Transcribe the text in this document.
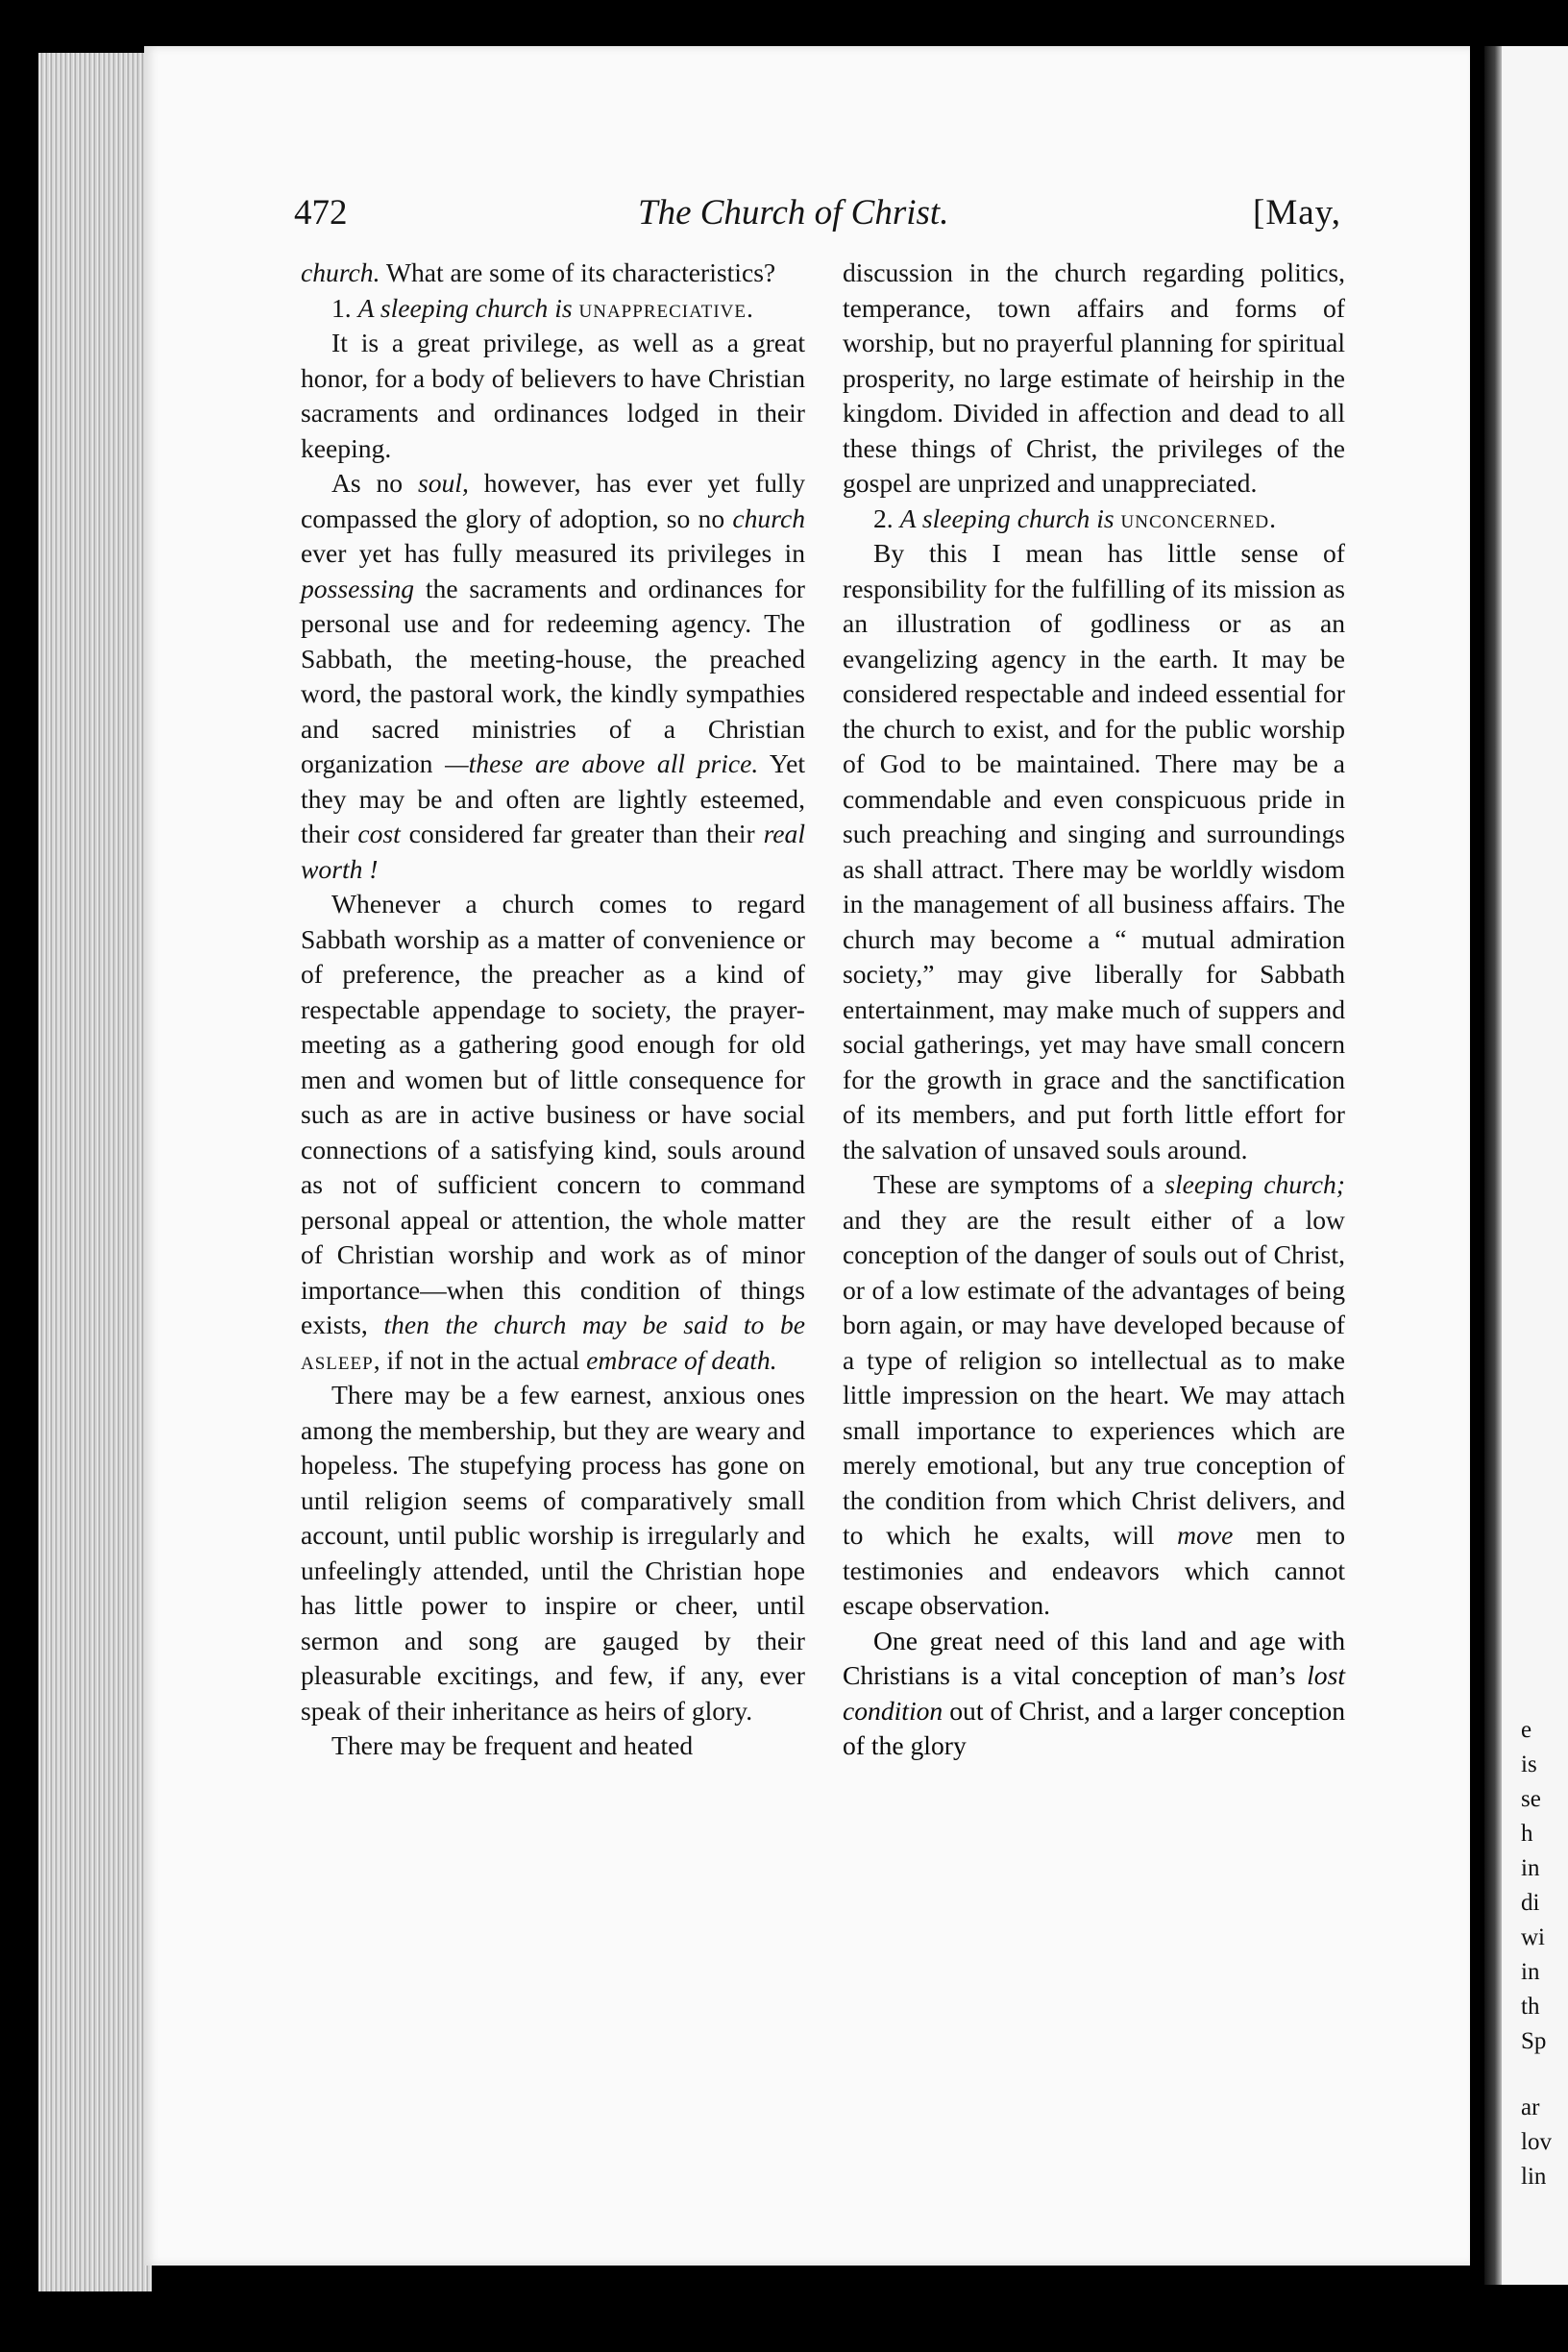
e
is
se
h
in
di
wi
in
th
Sp
ar
lov
lin
472	The Church of Christ.	[May,

church. What are some of its characteristics?

1. A sleeping church is unappreciative.

It is a great privilege, as well as a great honor, for a body of believers to have Christian sacraments and ordinances lodged in their keeping.

As no soul, however, has ever yet fully compassed the glory of adoption, so no church ever yet has fully measured its privileges in possessing the sacraments and ordinances for personal use and for redeeming agency. The Sabbath, the meeting-house, the preached word, the pastoral work, the kindly sympathies and sacred ministries of a Christian organization —these are above all price. Yet they may be and often are lightly esteemed, their cost considered far greater than their real worth !

Whenever a church comes to regard Sabbath worship as a matter of convenience or of preference, the preacher as a kind of respectable appendage to society, the prayer-meeting as a gathering good enough for old men and women but of little consequence for such as are in active business or have social connections of a satisfying kind, souls around as not of sufficient concern to command personal appeal or attention, the whole matter of Christian worship and work as of minor importance—when this condition of things exists, then the church may be said to be asleep, if not in the actual embrace of death.

There may be a few earnest, anxious ones among the membership, but they are weary and hopeless. The stupefying process has gone on until religion seems of comparatively small account, until public worship is irregularly and unfeelingly attended, until the Christian hope has little power to inspire or cheer, until sermon and song are gauged by their pleasurable excitings, and few, if any, ever speak of their inheritance as heirs of glory.

There may be frequent and heated

discussion in the church regarding politics, temperance, town affairs and forms of worship, but no prayerful planning for spiritual prosperity, no large estimate of heirship in the kingdom. Divided in affection and dead to all these things of Christ, the privileges of the gospel are unprized and unappreciated.

2. A sleeping church is unconcerned.

By this I mean has little sense of responsibility for the fulfilling of its mission as an illustration of godliness or as an evangelizing agency in the earth. It may be considered respectable and indeed essential for the church to exist, and for the public worship of God to be maintained. There may be a commendable and even conspicuous pride in such preaching and singing and surroundings as shall attract. There may be worldly wisdom in the management of all business affairs. The church may become a “ mutual admiration society,” may give liberally for Sabbath entertainment, may make much of suppers and social gatherings, yet may have small concern for the growth in grace and the sanctification of its members, and put forth little effort for the salvation of unsaved souls around.

These are symptoms of a sleeping church; and they are the result either of a low conception of the danger of souls out of Christ, or of a low estimate of the advantages of being born again, or may have developed because of a type of religion so intellectual as to make little impression on the heart. We may attach small importance to experiences which are merely emotional, but any true conception of the condition from which Christ delivers, and to which he exalts, will move men to testimonies and endeavors which cannot escape observation.

One great need of this land and age with Christians is a vital conception of man’s lost condition out of Christ, and a larger conception of the glory
